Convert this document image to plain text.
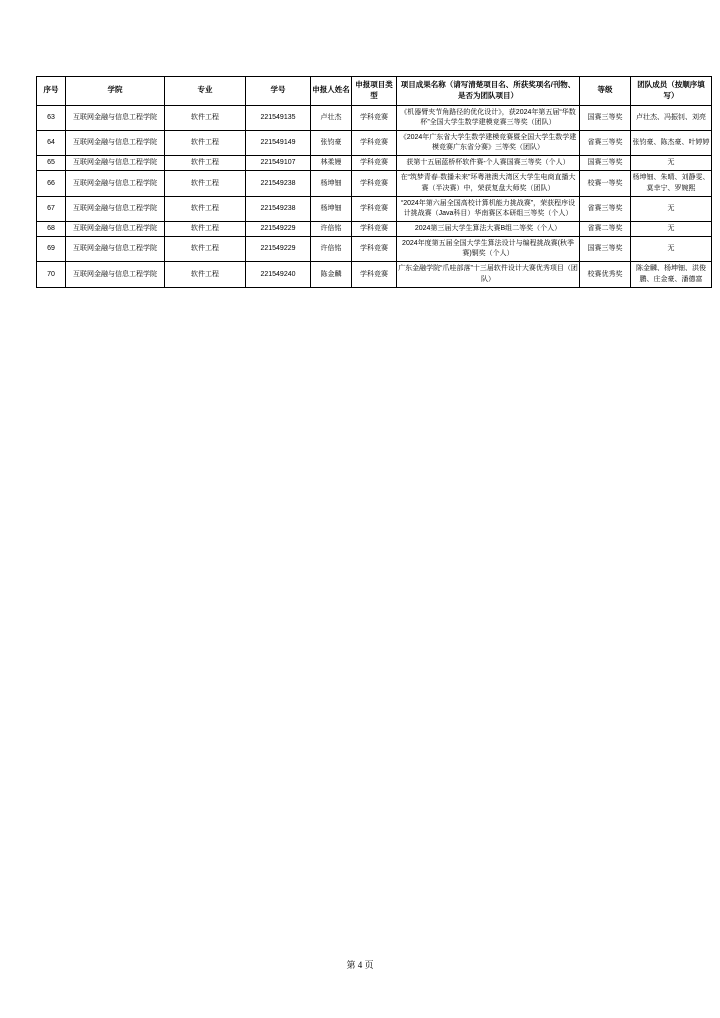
序号	学院	专业	学号	申报人姓名	申报项目类型	项目成果名称（请写清楚项目名、所获奖项名/刊物、是否为团队项目）	等级	团队成员（按顺序填写）
63	互联网金融与信息工程学院	软件工程	221549135	卢壮杰	学科竞赛	《机器臂夹节角路径的优化设计》，获2024年第五届“华数杯”全国大学生数学建模竞赛三等奖（团队）	国赛三等奖	卢壮杰、冯振钊、刘亮
64	互联网金融与信息工程学院	软件工程	221549149	张钧豪	学科竞赛	《2024年广东省大学生数学建模竞赛暨全国大学生数学建模竞赛广东省分赛》三等奖（团队）	省赛三等奖	张钧豪、陈杰豪、叶婷婷
65	互联网金融与信息工程学院	软件工程	221549107	林柔嫚	学科竞赛	获第十五届蓝桥杯软件赛-个人赛国赛三等奖（个人）	国赛三等奖	无
66	互联网金融与信息工程学院	软件工程	221549238	杨坤钿	学科竞赛	在“筑梦青春·数播未来”环粤港澳大湾区大学生电商直播大赛（半决赛）中，荣获复盘大师奖（团队）	校赛一等奖	杨坤钿、朱晴、刘静雯、莫幸宁、罗婉熙
67	互联网金融与信息工程学院	软件工程	221549238	杨坤钿	学科竞赛	“2024年第六届全国高校计算机能力挑战赛”，荣获程序设计挑战赛（Java科目）华南赛区本研组三等奖（个人）	省赛三等奖	无
68	互联网金融与信息工程学院	软件工程	221549229	许倍铭	学科竞赛	2024第三届大学生算法大赛B组二等奖（个人）	省赛二等奖	无
69	互联网金融与信息工程学院	软件工程	221549229	许倍铭	学科竞赛	2024年度第五届全国大学生算法设计与编程挑战赛(秋季赛)铜奖（个人）	国赛三等奖	无
70	互联网金融与信息工程学院	软件工程	221549240	陈金麟	学科竞赛	广东金融学院“爪哇部落”十三届软件设计大赛优秀项目（团队）	校赛优秀奖	陈金麟、杨坤钿、洪俊鹏、庄金豪、潘德富
第 4 页
